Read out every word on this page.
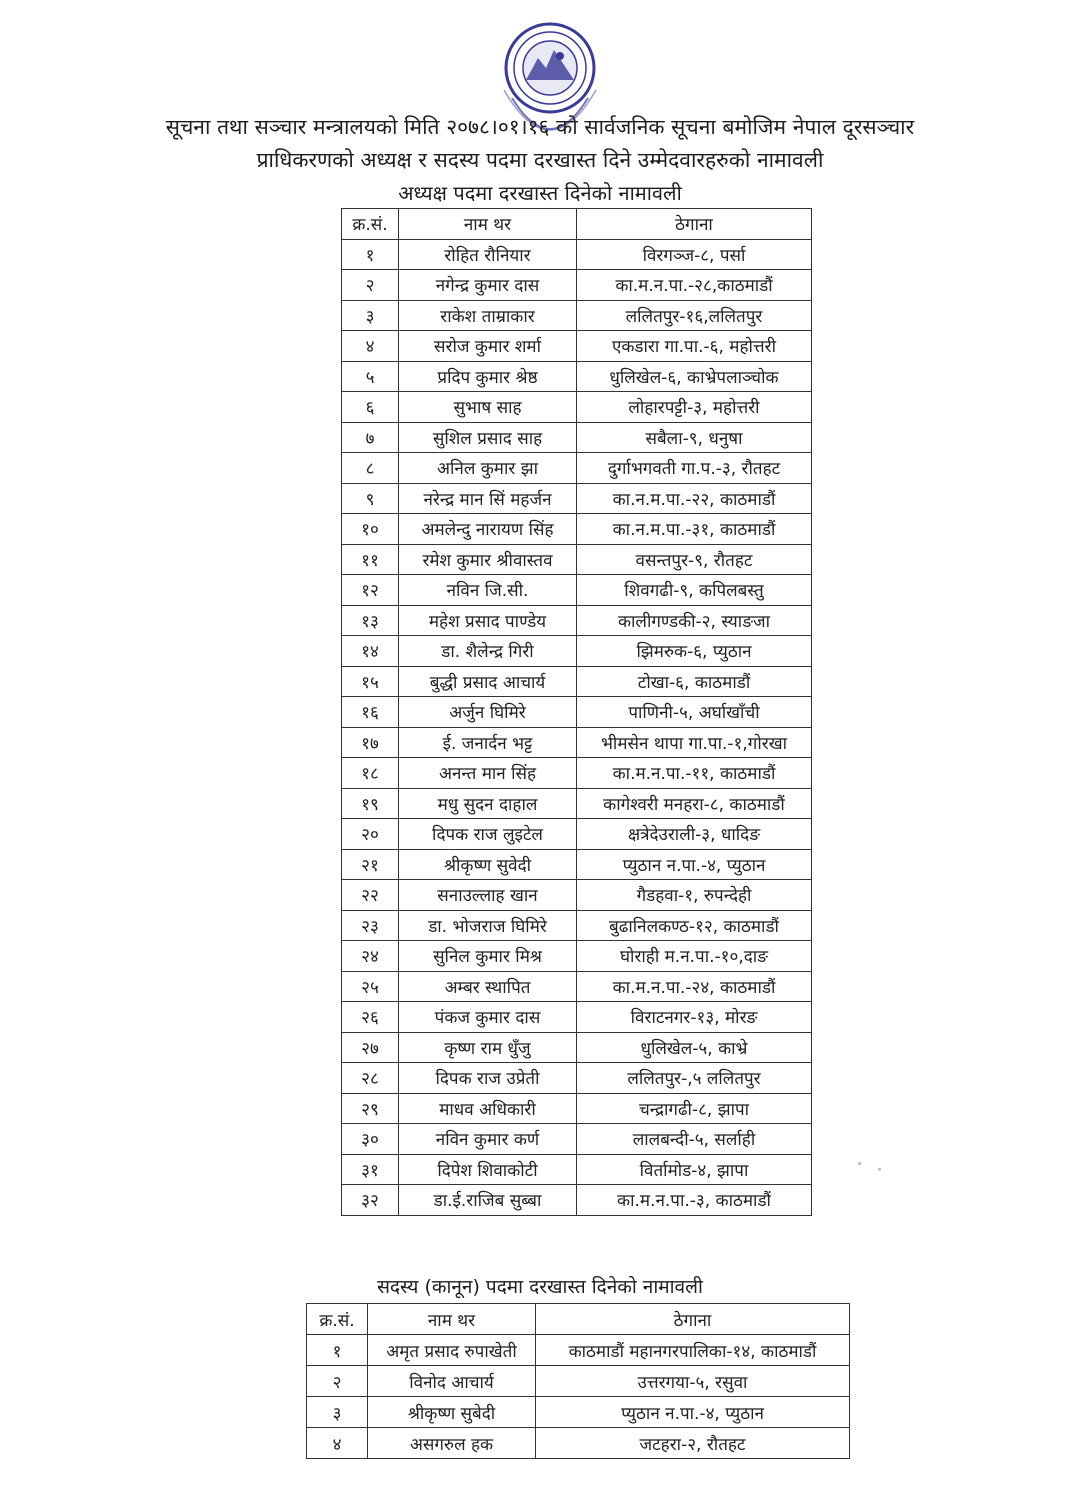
सूचना तथा सञ्चार मन्त्रालयको मिति २०७८।०१।१६ को सार्वजनिक सूचना बमोजिम नेपाल दूरसञ्चार
प्राधिकरणको अध्यक्ष र सदस्य पदमा दरखास्त दिने उम्मेदवारहरुको नामावली
अध्यक्ष पदमा दरखास्त दिनेको नामावली
क्र.सं.	नाम थर	ठेगाना
१	रोहित रौनियार	विरगञ्ज-८, पर्सा
२	नगेन्द्र कुमार दास	का.म.न.पा.-२८,काठमाडौं
३	राकेश ताम्राकार	ललितपुर-१६,ललितपुर
४	सरोज कुमार शर्मा	एकडारा गा.पा.-६, महोत्तरी
५	प्रदिप कुमार श्रेष्ठ	धुलिखेल-६, काभ्रेपलाञ्चोक
६	सुभाष साह	लोहारपट्टी-३, महोत्तरी
७	सुशिल प्रसाद साह	सबैला-९, धनुषा
८	अनिल कुमार झा	दुर्गाभगवती गा.प.-३, रौतहट
९	नरेन्द्र मान सिं महर्जन	का.न.म.पा.-२२, काठमाडौं
१०	अमलेन्दु नारायण सिंह	का.न.म.पा.-३१, काठमाडौं
११	रमेश कुमार श्रीवास्तव	वसन्तपुर-९, रौतहट
१२	नविन जि.सी.	शिवगढी-९, कपिलबस्तु
१३	महेश प्रसाद पाण्डेय	कालीगण्डकी-२, स्याङजा
१४	डा. शैलेन्द्र गिरी	झिमरुक-६, प्युठान
१५	बुद्धी प्रसाद आचार्य	टोखा-६, काठमाडौं
१६	अर्जुन घिमिरे	पाणिनी-५, अर्घाखाँची
१७	ई. जनार्दन भट्ट	भीमसेन थापा गा.पा.-१,गोरखा
१८	अनन्त मान सिंह	का.म.न.पा.-११, काठमाडौं
१९	मधु सुदन दाहाल	कागेश्वरी मनहरा-८, काठमाडौं
२०	दिपक राज लुइटेल	क्षत्रेदेउराली-३, धादिङ
२१	श्रीकृष्ण सुवेदी	प्युठान न.पा.-४, प्युठान
२२	सनाउल्लाह खान	गैडहवा-१, रुपन्देही
२३	डा. भोजराज घिमिरे	बुढानिलकण्ठ-१२, काठमाडौं
२४	सुनिल कुमार मिश्र	घोराही म.न.पा.-१०,दाङ
२५	अम्बर स्थापित	का.म.न.पा.-२४, काठमाडौं
२६	पंकज कुमार दास	विराटनगर-१३, मोरङ
२७	कृष्ण राम धुँजु	धुलिखेल-५, काभ्रे
२८	दिपक राज उप्रेती	ललितपुर-,५ ललितपुर
२९	माधव अधिकारी	चन्द्रागढी-८, झापा
३०	नविन कुमार कर्ण	लालबन्दी-५, सर्लाही
३१	दिपेश शिवाकोटी	विर्तामोड-४, झापा
३२	डा.ई.राजिब सुब्बा	का.म.न.पा.-३, काठमाडौं
सदस्य (कानून) पदमा दरखास्त दिनेको नामावली
क्र.सं.	नाम थर	ठेगाना
१	अमृत प्रसाद रुपाखेती	काठमाडौं महानगरपालिका-१४, काठमाडौं
२	विनोद आचार्य	उत्तरगया-५, रसुवा
३	श्रीकृष्ण सुबेदी	प्युठान न.पा.-४, प्युठान
४	असगरुल हक	जटहरा-२, रौतहट
